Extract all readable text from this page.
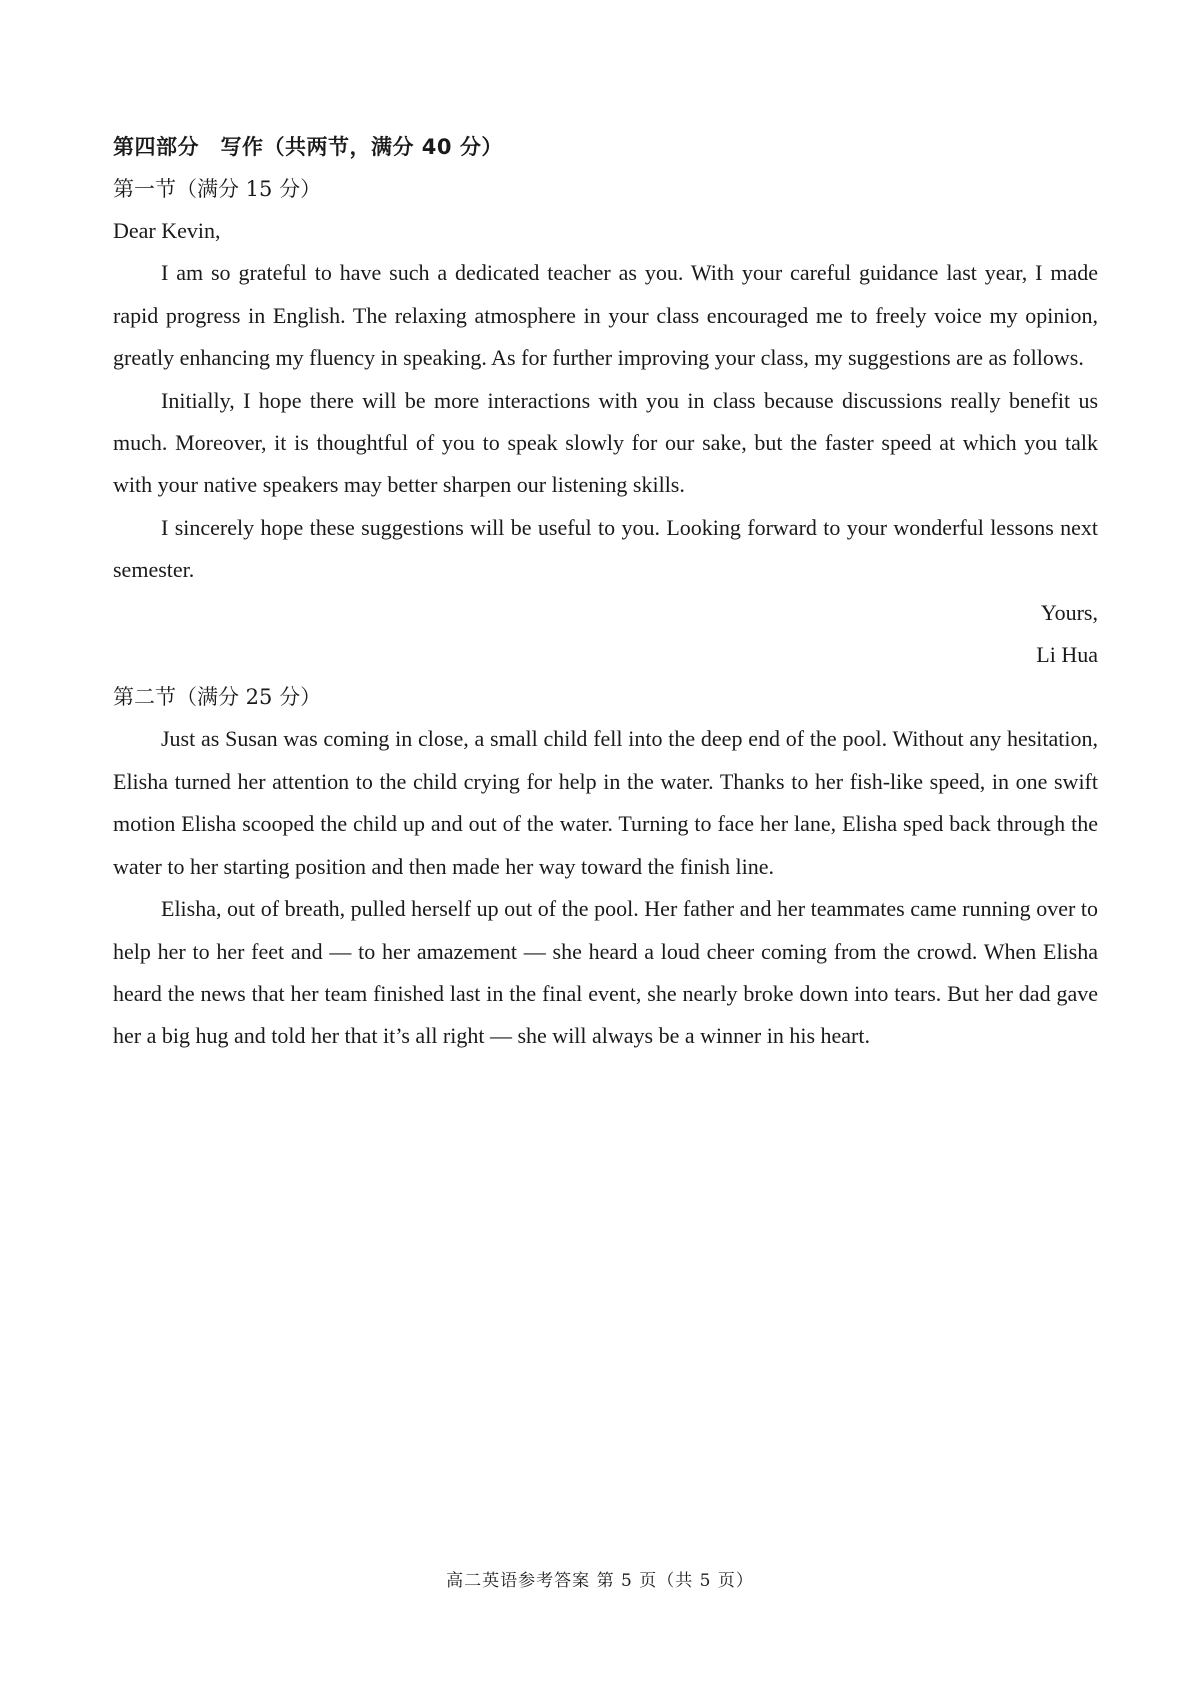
第四部分　写作（共两节，满分 40 分）
第一节（满分 15 分）
Dear Kevin,

I am so grateful to have such a dedicated teacher as you. With your careful guidance last year, I made rapid progress in English. The relaxing atmosphere in your class encouraged me to freely voice my opinion, greatly enhancing my fluency in speaking. As for further improving your class, my suggestions are as follows.

Initially, I hope there will be more interactions with you in class because discussions really benefit us much. Moreover, it is thoughtful of you to speak slowly for our sake, but the faster speed at which you talk with your native speakers may better sharpen our listening skills.

I sincerely hope these suggestions will be useful to you. Looking forward to your wonderful lessons next semester.

Yours,
Li Hua
第二节（满分 25 分）

Just as Susan was coming in close, a small child fell into the deep end of the pool. Without any hesitation, Elisha turned her attention to the child crying for help in the water. Thanks to her fish-like speed, in one swift motion Elisha scooped the child up and out of the water. Turning to face her lane, Elisha sped back through the water to her starting position and then made her way toward the finish line.

Elisha, out of breath, pulled herself up out of the pool. Her father and her teammates came running over to help her to her feet and — to her amazement — she heard a loud cheer coming from the crowd. When Elisha heard the news that her team finished last in the final event, she nearly broke down into tears. But her dad gave her a big hug and told her that it’s all right — she will always be a winner in his heart.

高二英语参考答案 第 5 页（共 5 页）
